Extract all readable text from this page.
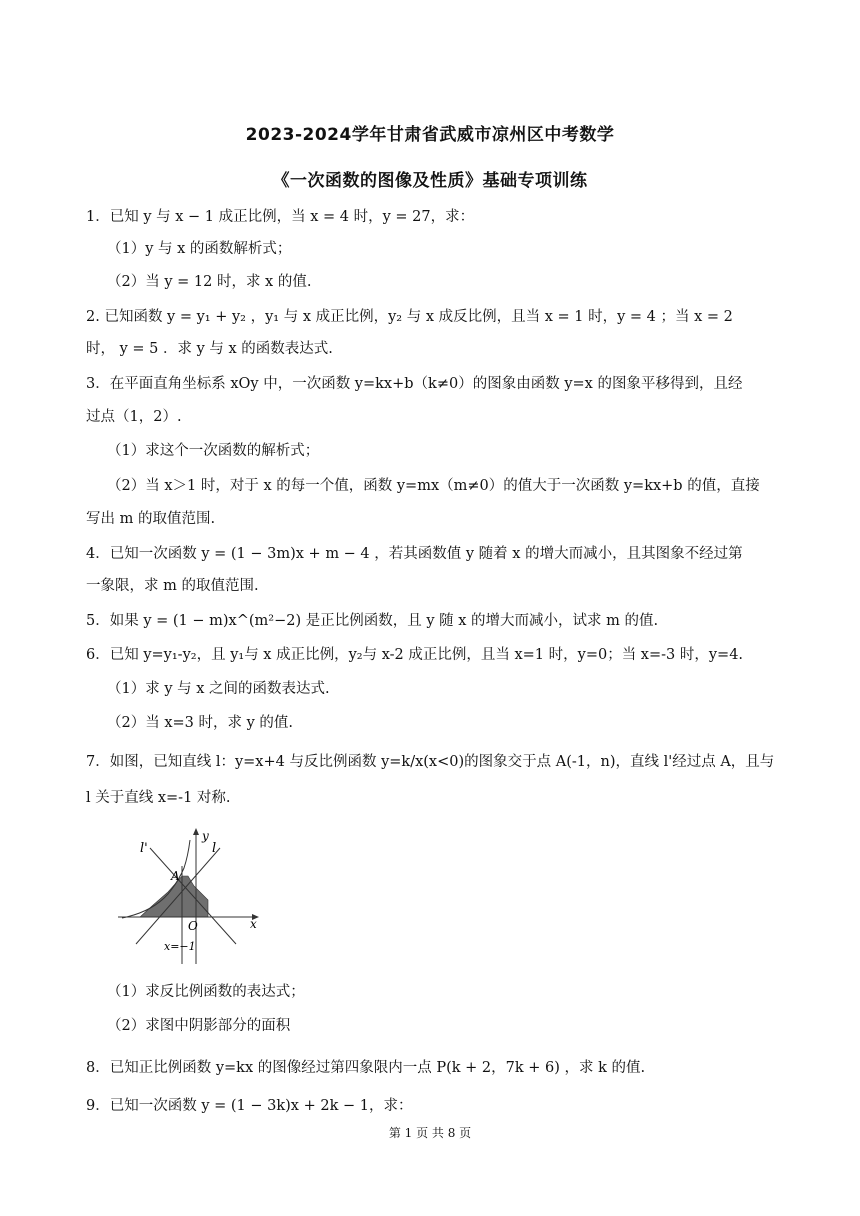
2023-2024学年甘肃省武威市凉州区中考数学
《一次函数的图像及性质》基础专项训练
1．已知 y 与 x − 1 成正比例，当 x = 4 时，y = 27，求：
（1）y 与 x 的函数解析式；
（2）当 y = 12 时，求 x 的值.
2. 已知函数 y = y₁ + y₂ ，y₁ 与 x 成正比例，y₂ 与 x 成反比例，且当 x = 1 时，y = 4 ；当 x = 2
时， y = 5 ．求 y 与 x 的函数表达式.
3．在平面直角坐标系 xOy 中，一次函数 y=kx+b（k≠0）的图象由函数 y=x 的图象平移得到，且经
过点（1，2）.
（1）求这个一次函数的解析式；
（2）当 x＞1 时，对于 x 的每一个值，函数 y=mx（m≠0）的值大于一次函数 y=kx+b 的值，直接
写出 m 的取值范围.
4．已知一次函数 y = (1 − 3m)x + m − 4 ，若其函数值 y 随着 x 的增大而减小，且其图象不经过第
一象限，求 m 的取值范围.
5．如果 y = (1 − m)x^(m²−2) 是正比例函数，且 y 随 x 的增大而减小，试求 m 的值.
6．已知 y=y₁-y₂，且 y₁与 x 成正比例，y₂与 x-2 成正比例，且当 x=1 时，y=0；当 x=-3 时，y=4.
（1）求 y 与 x 之间的函数表达式.
（2）当 x=3 时，求 y 的值.
7．如图，已知直线 l：y=x+4 与反比例函数 y=k/x(x<0)的图象交于点 A(-1，n)，直线 l'经过点 A，且与
l 关于直线 x=-1 对称.
l'	l
y
x
A
O
x=−1
（1）求反比例函数的表达式；
（2）求图中阴影部分的面积
8．已知正比例函数 y=kx 的图像经过第四象限内一点 P(k + 2，7k + 6) ，求 k 的值.
9．已知一次函数 y = (1 − 3k)x + 2k − 1，求：
第 1 页 共 8 页
